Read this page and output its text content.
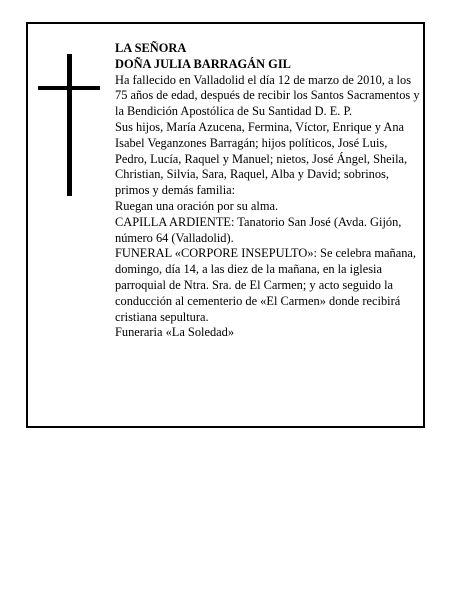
LA SEÑORA

DOÑA JULIA BARRAGÁN GIL

Ha fallecido en Valladolid el día 12 de marzo de 2010, a los 75 años de edad, después de recibir los Santos Sacramentos y la Bendición Apostólica de Su Santidad D. E. P.

Sus hijos, María Azucena, Fermina, Víctor, Enrique y Ana Isabel Veganzones Barragán; hijos políticos, José Luis, Pedro, Lucía, Raquel y Manuel; nietos, José Ángel, Sheila, Christian, Silvia, Sara, Raquel, Alba y David; sobrinos, primos y demás familia:

Ruegan una oración por su alma.

CAPILLA ARDIENTE: Tanatorio San José (Avda. Gijón, número 64 (Valladolid).

FUNERAL «CORPORE INSEPULTO»: Se celebra mañana, domingo, día 14, a las diez de la mañana, en la iglesia parroquial de Ntra. Sra. de El Carmen; y acto seguido la conducción al cementerio de «El Carmen» donde recibirá cristiana sepultura.

Funeraria «La Soledad»
